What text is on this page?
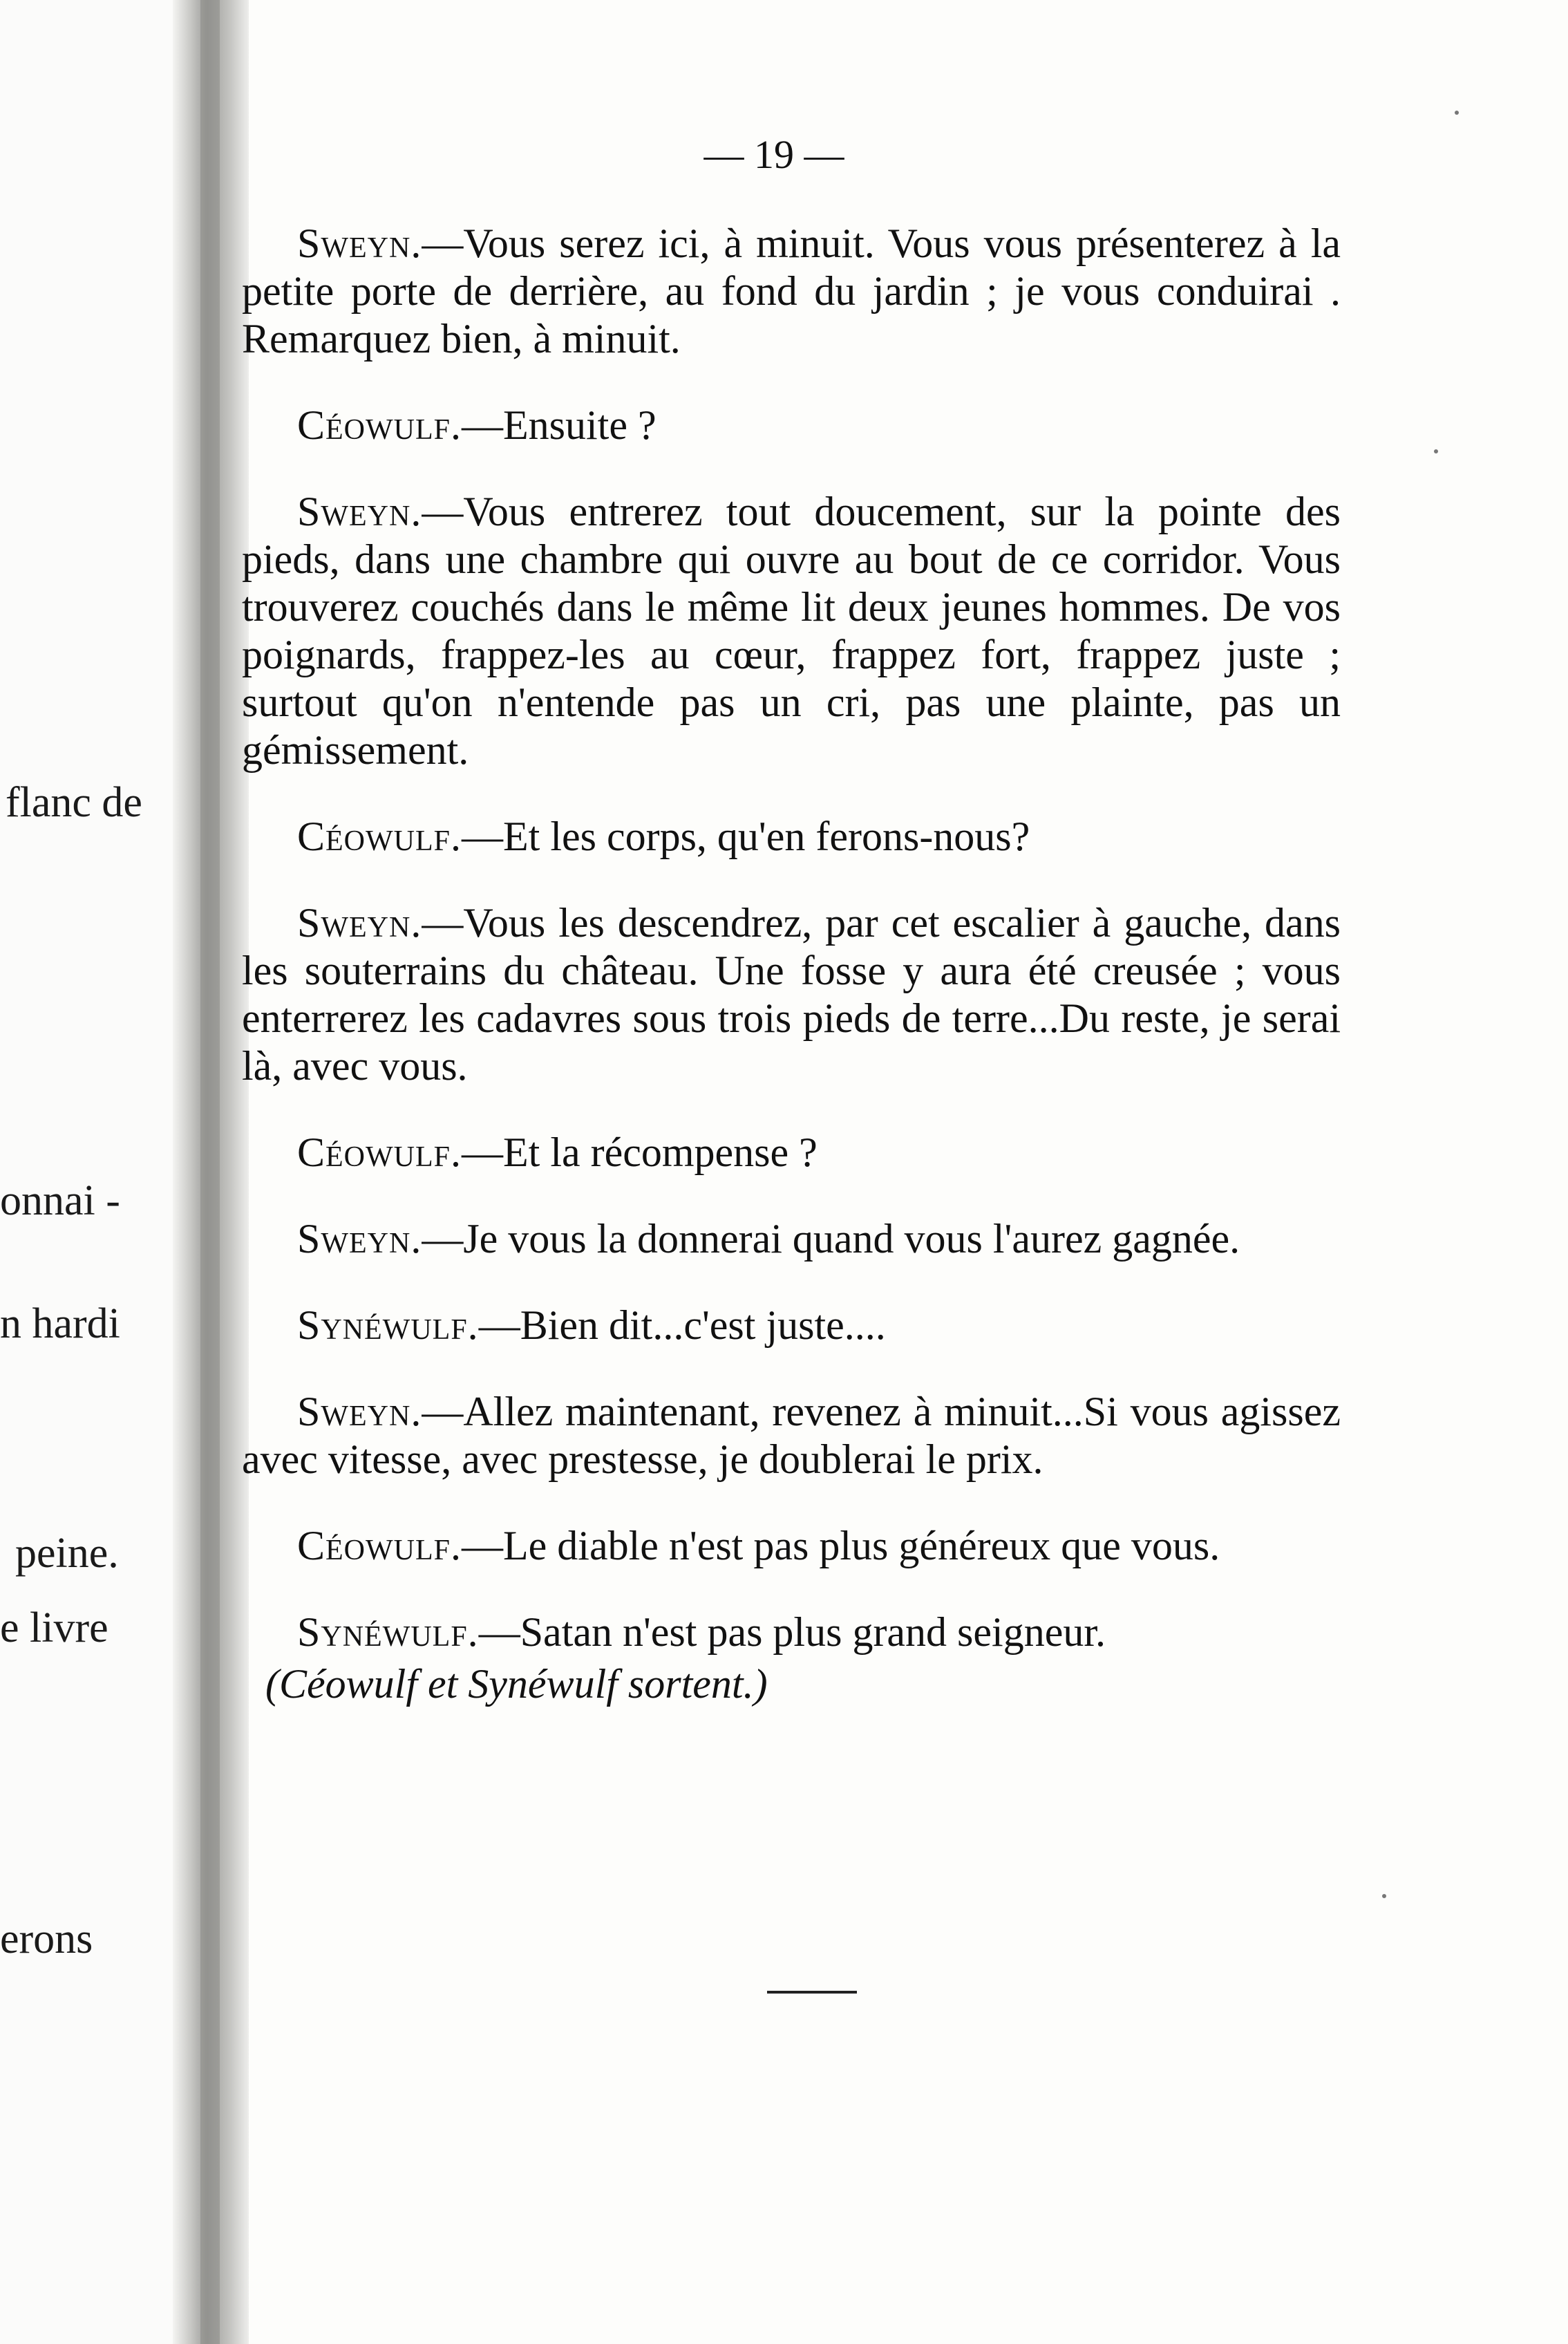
flanc de
onnai -
n hardi
peine.
e livre
erons
— 19 —

Sweyn.—Vous serez ici, à minuit. Vous vous présenterez à la petite porte de derrière, au fond du jardin ; je vous conduirai . Remarquez bien, à minuit.

Céowulf.—Ensuite ?

Sweyn.—Vous entrerez tout doucement, sur la pointe des pieds, dans une chambre qui ouvre au bout de ce corridor. Vous trouverez couchés dans le même lit deux jeunes hommes. De vos poignards, frappez-les au cœur, frappez fort, frappez juste ; surtout qu'on n'entende pas un cri, pas une plainte, pas un gémissement.

Céowulf.—Et les corps, qu'en ferons-nous?

Sweyn.—Vous les descendrez, par cet escalier à gauche, dans les souterrains du château. Une fosse y aura été creusée ; vous enterrerez les cadavres sous trois pieds de terre...Du reste, je serai là, avec vous.

Céowulf.—Et la récompense ?

Sweyn.—Je vous la donnerai quand vous l'aurez gagnée.

Synéwulf.—Bien dit...c'est juste....

Sweyn.—Allez maintenant, revenez à minuit...Si vous agissez avec vitesse, avec prestesse, je doublerai le prix.

Céowulf.—Le diable n'est pas plus généreux que vous.

Synéwulf.—Satan n'est pas plus grand seigneur.

(Céowulf et Synéwulf sortent.)
